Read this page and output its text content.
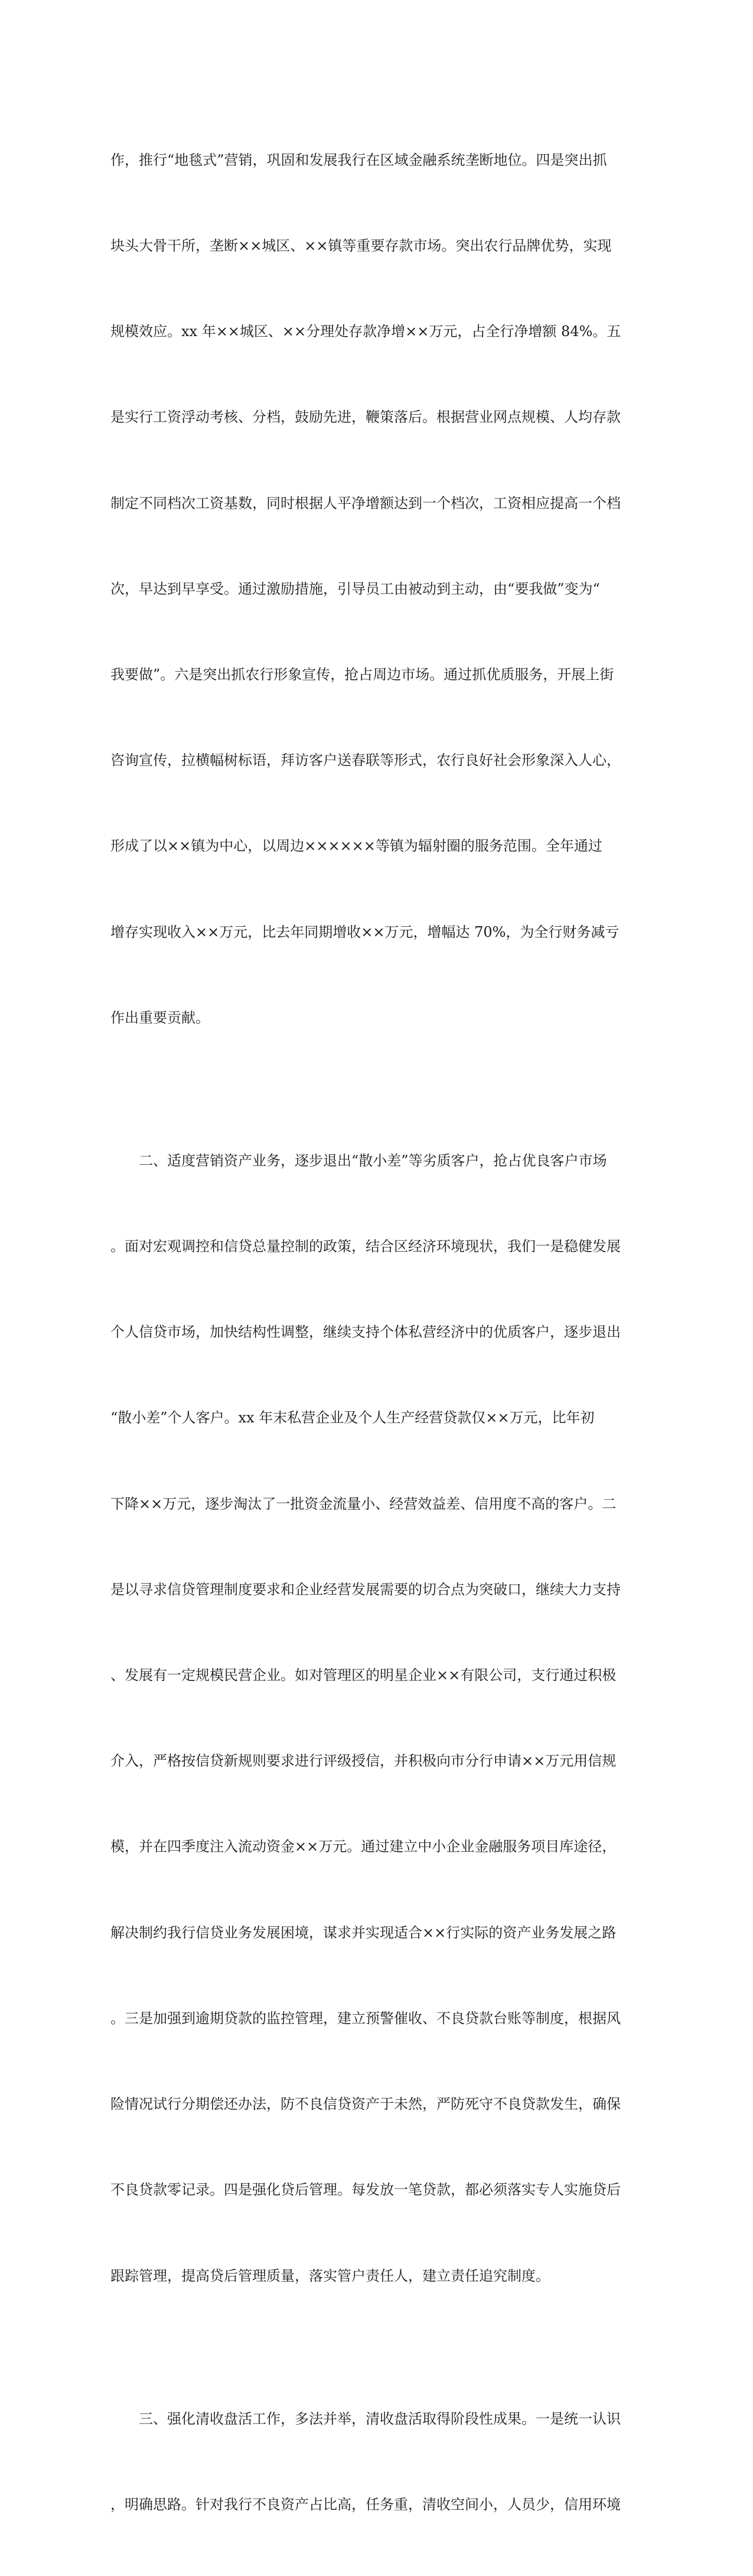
作，推行“地毯式”营销，巩固和发展我行在区域金融系统垄断地位。四是突出抓

块头大骨干所，垄断××城区、××镇等重要存款市场。突出农行品牌优势，实现

规模效应。xx 年××城区、××分理处存款净增××万元，占全行净增额 84%。五

是实行工资浮动考核、分档，鼓励先进，鞭策落后。根据营业网点规模、人均存款

制定不同档次工资基数，同时根据人平净增额达到一个档次，工资相应提高一个档

次，早达到早享受。通过激励措施，引导员工由被动到主动，由“要我做”变为“

我要做”。六是突出抓农行形象宣传，抢占周边市场。通过抓优质服务，开展上街

咨询宣传，拉横幅树标语，拜访客户送春联等形式，农行良好社会形象深入人心，

形成了以××镇为中心，以周边××××××等镇为辐射圈的服务范围。全年通过

增存实现收入××万元，比去年同期增收××万元，增幅达 70%，为全行财务减亏

作出重要贡献。

　　二、适度营销资产业务，逐步退出“散小差”等劣质客户，抢占优良客户市场

。面对宏观调控和信贷总量控制的政策，结合区经济环境现状，我们一是稳健发展

个人信贷市场，加快结构性调整，继续支持个体私营经济中的优质客户，逐步退出

“散小差”个人客户。xx 年末私营企业及个人生产经营贷款仅××万元，比年初

下降××万元，逐步淘汰了一批资金流量小、经营效益差、信用度不高的客户。二

是以寻求信贷管理制度要求和企业经营发展需要的切合点为突破口，继续大力支持

、发展有一定规模民营企业。如对管理区的明星企业××有限公司，支行通过积极

介入，严格按信贷新规则要求进行评级授信，并积极向市分行申请××万元用信规

模，并在四季度注入流动资金××万元。通过建立中小企业金融服务项目库途径，

解决制约我行信贷业务发展困境，谋求并实现适合××行实际的资产业务发展之路

。三是加强到逾期贷款的监控管理，建立预警催收、不良贷款台账等制度，根据风

险情况试行分期偿还办法，防不良信贷资产于未然，严防死守不良贷款发生，确保

不良贷款零记录。四是强化贷后管理。每发放一笔贷款，都必须落实专人实施贷后

跟踪管理，提高贷后管理质量，落实管户责任人，建立责任追究制度。

　　三、强化清收盘活工作，多法并举，清收盘活取得阶段性成果。一是统一认识

，明确思路。针对我行不良资产占比高，任务重，清收空间小，人员少，信用环境
